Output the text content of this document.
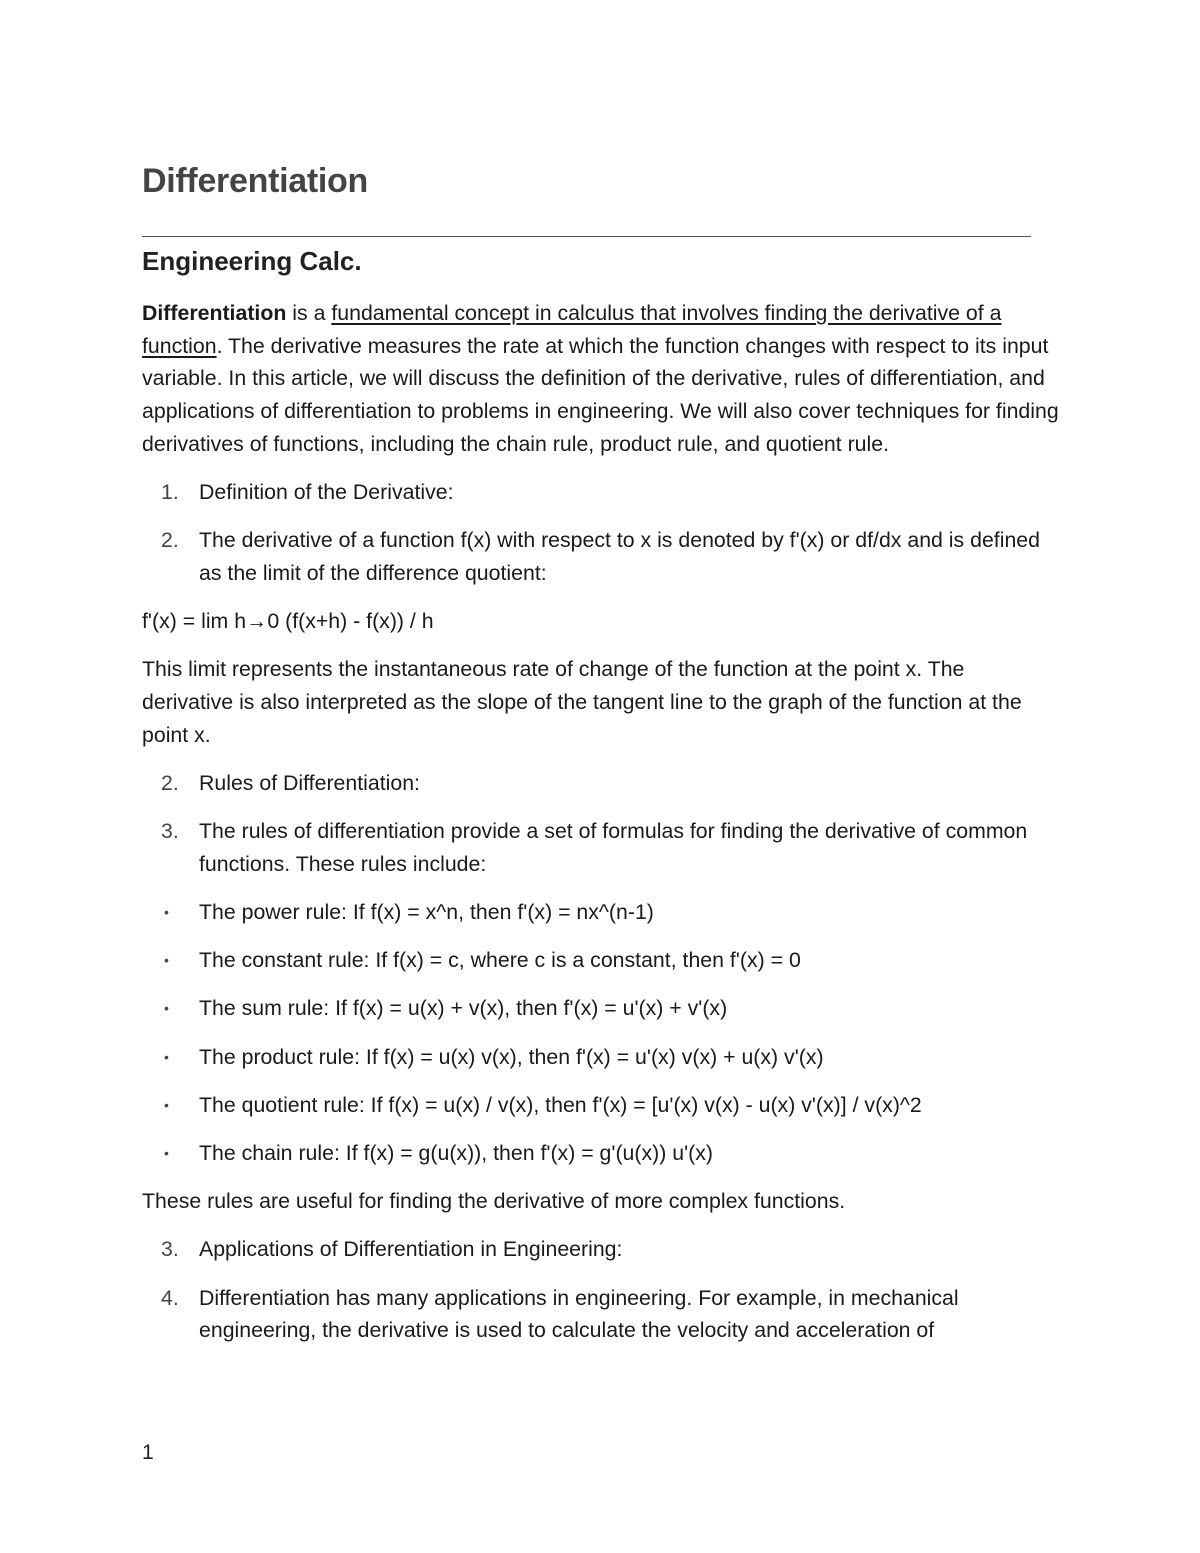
Differentiation
Engineering Calc.

Differentiation is a fundamental concept in calculus that involves finding the derivative of a function. The derivative measures the rate at which the function changes with respect to its input variable. In this article, we will discuss the definition of the derivative, rules of differentiation, and applications of differentiation to problems in engineering. We will also cover techniques for finding derivatives of functions, including the chain rule, product rule, and quotient rule.

1. Definition of the Derivative:
2. The derivative of a function f(x) with respect to x is denoted by f'(x) or df/dx and is defined as the limit of the difference quotient:

f'(x) = lim h→0 (f(x+h) - f(x)) / h

This limit represents the instantaneous rate of change of the function at the point x. The derivative is also interpreted as the slope of the tangent line to the graph of the function at the point x.

2. Rules of Differentiation:
3. The rules of differentiation provide a set of formulas for finding the derivative of common functions. These rules include:
• The power rule: If f(x) = x^n, then f'(x) = nx^(n-1)
• The constant rule: If f(x) = c, where c is a constant, then f'(x) = 0
• The sum rule: If f(x) = u(x) + v(x), then f'(x) = u'(x) + v'(x)
• The product rule: If f(x) = u(x) v(x), then f'(x) = u'(x) v(x) + u(x) v'(x)
• The quotient rule: If f(x) = u(x) / v(x), then f'(x) = [u'(x) v(x) - u(x) v'(x)] / v(x)^2
• The chain rule: If f(x) = g(u(x)), then f'(x) = g'(u(x)) u'(x)

These rules are useful for finding the derivative of more complex functions.

3. Applications of Differentiation in Engineering:
4. Differentiation has many applications in engineering. For example, in mechanical engineering, the derivative is used to calculate the velocity and acceleration of
1
